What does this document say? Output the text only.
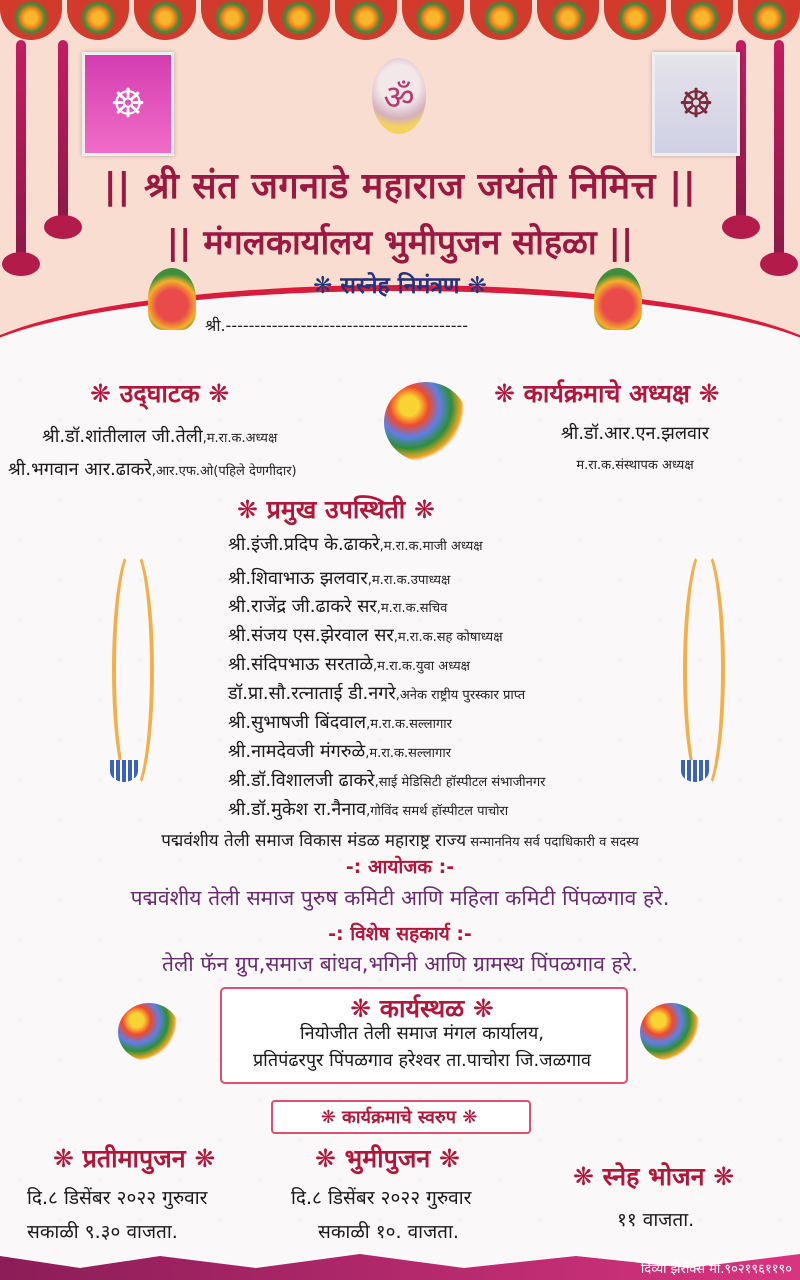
☸	ॐ	☸
|| श्री संत जगनाडे महाराज जयंती निमित्त ||
|| मंगलकार्यालय भुमीपुजन सोहळा ||
❋ सस्नेह निमंत्रण ❋
श्री.------------------------------------------
❋ उद्‌घाटक ❋
श्री.डॉ.शांतीलाल जी.तेली,म.रा.क.अध्यक्ष
श्री.भगवान आर.ढाकरे,आर.एफ.ओ(पहिले देणगीदार)
❋ कार्यक्रमाचे अध्यक्ष ❋
श्री.डॉ.आर.एन.झलवार
म.रा.क.संस्थापक अध्यक्ष
❋ प्रमुख उपस्थिती ❋
श्री.इंजी.प्रदिप के.ढाकरे,म.रा.क.माजी अध्यक्ष
श्री.शिवाभाऊ झलवार,म.रा.क.उपाध्यक्ष
श्री.राजेंद्र जी.ढाकरे सर,म.रा.क.सचिव
श्री.संजय एस.झेरवाल सर,म.रा.क.सह कोषाध्यक्ष
श्री.संदिपभाऊ सरताळे,म.रा.क.युवा अध्यक्ष
डॉ.प्रा.सौ.रत्नाताई डी.नगरे,अनेक राष्ट्रीय पुरस्कार प्राप्त
श्री.सुभाषजी बिंदवाल,म.रा.क.सल्लागार
श्री.नामदेवजी मंगरुळे,म.रा.क.सल्लागार
श्री.डॉ.विशालजी ढाकरे,साई मेडिसिटी हॉस्पीटल संभाजीनगर
श्री.डॉ.मुकेश रा.नैनाव,गोविंद समर्थ हॉस्पीटल पाचोरा
पद्मवंशीय तेली समाज विकास मंडळ महाराष्ट्र राज्य सन्माननिय सर्व पदाधिकारी व सदस्य
-: आयोजक :-
पद्मवंशीय तेली समाज पुरुष कमिटी आणि महिला कमिटी पिंपळगाव हरे.
-: विशेष सहकार्य :-
तेली फॅन ग्रुप,समाज बांधव,भगिनी आणि ग्रामस्थ पिंपळगाव हरे.
❋ कार्यस्थळ ❋
नियोजीत तेली समाज मंगल कार्यालय,
प्रतिपंढरपुर पिंपळगाव हरेश्वर ता.पाचोरा जि.जळगाव
❋ कार्यक्रमाचे स्वरुप ❋
❋ प्रतीमापुजन ❋
दि.८ डिसेंबर २०२२ गुरुवार
सकाळी ९.३० वाजता.
❋ भुमीपुजन ❋
दि.८ डिसेंबर २०२२ गुरुवार
सकाळी १०. वाजता.
❋ स्नेह भोजन ❋
११ वाजता.
दिव्या झेरॉक्स मो.९०२१९६११९०
